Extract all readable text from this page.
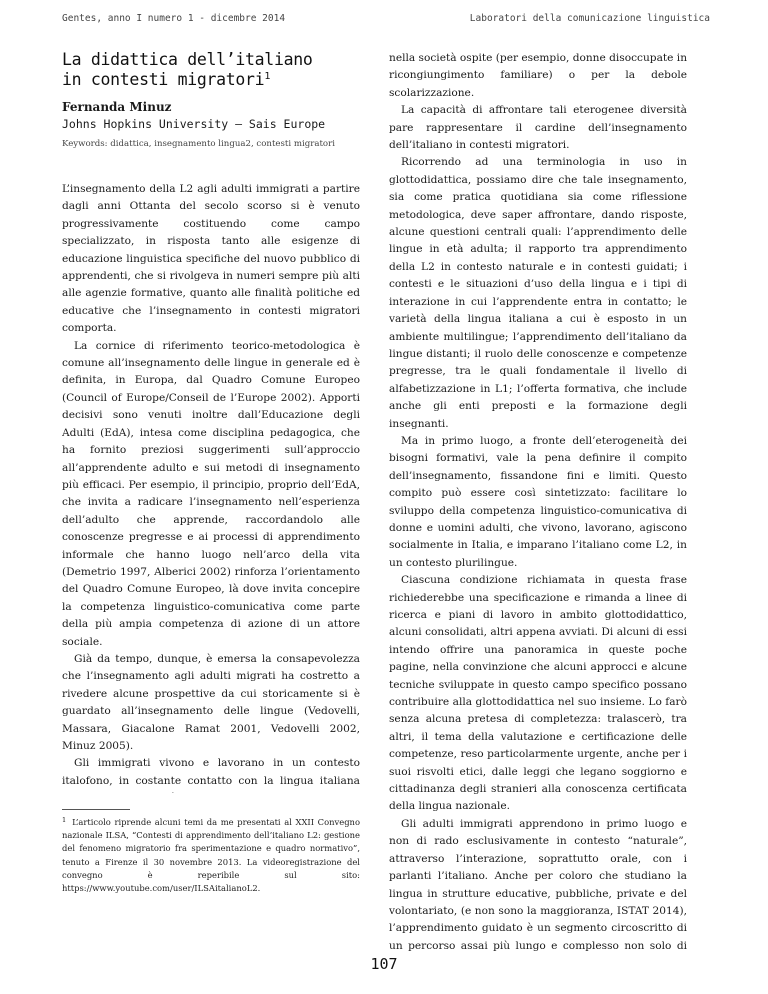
Gentes, anno I numero 1 - dicembre 2014	Laboratori della comunicazione linguistica
La didattica dell’italiano
in contesti migratori$^1$
Fernanda Minuz
Johns Hopkins University – Sais Europe
Keywords: didattica, insegnamento lingua2, contesti migratori

L’insegnamento della L2 agli adulti immigrati a partire dagli anni Ottanta del secolo scorso si è venuto progressivamente costituendo come campo specializzato, in risposta tanto alle esigenze di educazione linguistica specifiche del nuovo pubblico di apprendenti, che si rivolgeva in numeri sempre più alti alle agenzie formative, quanto alle finalità politiche ed educative che l’insegnamento in contesti migratori comporta.

La cornice di riferimento teorico-metodologica è comune all’insegnamento delle lingue in generale ed è definita, in Europa, dal Quadro Comune Europeo (Council of Europe/Conseil de l’Europe 2002). Apporti decisivi sono venuti inoltre dall’Educazione degli Adulti (EdA), intesa come disciplina pedagogica, che ha fornito preziosi suggerimenti sull’approccio all’apprendente adulto e sui metodi di insegnamento più efficaci. Per esempio, il principio, proprio dell’EdA, che invita a radicare l’insegnamento nell’esperienza dell’adulto che apprende, raccordandolo alle conoscenze pregresse e ai processi di apprendimento informale che hanno luogo nell’arco della vita (Demetrio 1997, Alberici 2002) rinforza l’orientamento del Quadro Comune Europeo, là dove invita concepire la competenza linguistico-comunicativa come parte della più ampia competenza di azione di un attore sociale.

Già da tempo, dunque, è emersa la consapevolezza che l’insegnamento agli adulti migrati ha costretto a rivedere alcune prospettive da cui storicamente si è guardato all’insegnamento delle lingue (Vedovelli, Massara, Giacalone Ramat 2001, Vedovelli 2002, Minuz 2005).

Gli immigrati vivono e lavorano in un contesto italofono, in costante contatto con la lingua italiana

$^1$ L’articolo riprende alcuni temi da me presentati al XXII Convegno nazionale ILSA, “Contesti di apprendimento dell’italiano L2: gestione del fenomeno migratorio fra sperimentazione e quadro normativo”, tenuto a Firenze il 30 novembre 2013. La videoregistrazione del convegno è reperibile sul sito: https://www.youtube.com/user/ILSAitalianoL2.

nella società ospite (per esempio, donne disoccupate in ricongiungimento familiare) o per la debole scolarizzazione.

La capacità di affrontare tali eterogenee diversità pare rappresentare il cardine dell’insegnamento dell’italiano in contesti migratori.

Ricorrendo ad una terminologia in uso in glottodidattica, possiamo dire che tale insegnamento, sia come pratica quotidiana sia come riflessione metodologica, deve saper affrontare, dando risposte, alcune questioni centrali quali: l’apprendimento delle lingue in età adulta; il rapporto tra apprendimento della L2 in contesto naturale e in contesti guidati; i contesti e le situazioni d’uso della lingua e i tipi di interazione in cui l’apprendente entra in contatto; le varietà della lingua italiana a cui è esposto in un ambiente multilingue; l’apprendimento dell’italiano da lingue distanti; il ruolo delle conoscenze e competenze pregresse, tra le quali fondamentale il livello di alfabetizzazione in L1; l’offerta formativa, che include anche gli enti preposti e la formazione degli insegnanti.

Ma in primo luogo, a fronte dell’eterogeneità dei bisogni formativi, vale la pena definire il compito dell’insegnamento, fissandone fini e limiti. Questo compito può essere così sintetizzato: facilitare lo sviluppo della competenza linguistico-comunicativa di donne e uomini adulti, che vivono, lavorano, agiscono socialmente in Italia, e imparano l’italiano come L2, in un contesto plurilingue.

Ciascuna condizione richiamata in questa frase richiederebbe una specificazione e rimanda a linee di ricerca e piani di lavoro in ambito glottodidattico, alcuni consolidati, altri appena avviati. Di alcuni di essi intendo offrire una panoramica in queste poche pagine, nella convinzione che alcuni approcci e alcune tecniche sviluppate in questo campo specifico possano contribuire alla glottodidattica nel suo insieme. Lo farò senza alcuna pretesa di completezza: tralascerò, tra altri, il tema della valutazione e certificazione delle competenze, reso particolarmente urgente, anche per i suoi risvolti etici, dalle leggi che legano soggiorno e cittadinanza degli stranieri alla conoscenza certificata della lingua nazionale.

Gli adulti immigrati apprendono in primo luogo e non di rado esclusivamente in contesto “naturale”, attraverso l’interazione, soprattutto orale, con i parlanti l’italiano. Anche per coloro che studiano la lingua in strutture educative, pubbliche, private e del volontariato, (e non sono la maggioranza, ISTAT 2014), l’apprendimento guidato è un segmento circoscritto di un percorso assai più lungo e complesso non solo di

107
